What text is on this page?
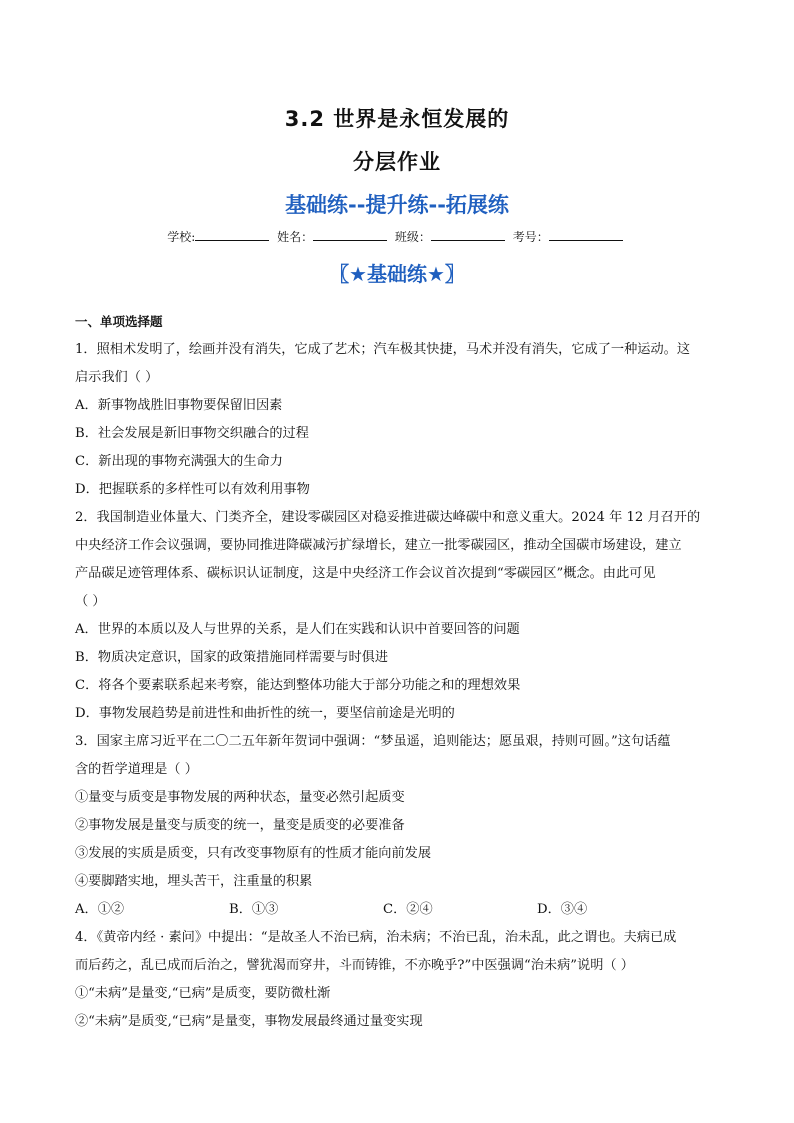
3.2 世界是永恒发展的
分层作业
基础练--提升练--拓展练
学校:	姓名：	班级：	考号：
〖★基础练★〗
一、单项选择题
1．照相术发明了，绘画并没有消失，它成了艺术；汽车极其快捷，马术并没有消失，它成了一种运动。这
启示我们（ ）
A．新事物战胜旧事物要保留旧因素
B．社会发展是新旧事物交织融合的过程
C．新出现的事物充满强大的生命力
D．把握联系的多样性可以有效利用事物
2．我国制造业体量大、门类齐全，建设零碳园区对稳妥推进碳达峰碳中和意义重大。2024 年 12 月召开的
中央经济工作会议强调，要协同推进降碳减污扩绿增长，建立一批零碳园区，推动全国碳市场建设，建立
产品碳足迹管理体系、碳标识认证制度，这是中央经济工作会议首次提到“零碳园区”概念。由此可见
（ ）
A．世界的本质以及人与世界的关系，是人们在实践和认识中首要回答的问题
B．物质决定意识，国家的政策措施同样需要与时俱进
C．将各个要素联系起来考察，能达到整体功能大于部分功能之和的理想效果
D．事物发展趋势是前进性和曲折性的统一，要坚信前途是光明的
3．国家主席习近平在二〇二五年新年贺词中强调：“梦虽遥，追则能达；愿虽艰，持则可圆。”这句话蕴
含的哲学道理是（ ）
①量变与质变是事物发展的两种状态，量变必然引起质变
②事物发展是量变与质变的统一，量变是质变的必要准备
③发展的实质是质变，只有改变事物原有的性质才能向前发展
④要脚踏实地，埋头苦干，注重量的积累
A．①②	B．①③	C．②④	D．③④
4．《黄帝内经 · 素问》中提出：“是故圣人不治已病，治未病；不治已乱，治未乱，此之谓也。夫病已成
而后药之，乱已成而后治之，譬犹渴而穿井，斗而铸锥，不亦晚乎?”中医强调“治未病”说明（ ）
①“未病”是量变,“已病”是质变，要防微杜渐
②“未病”是质变,“已病”是量变，事物发展最终通过量变实现
